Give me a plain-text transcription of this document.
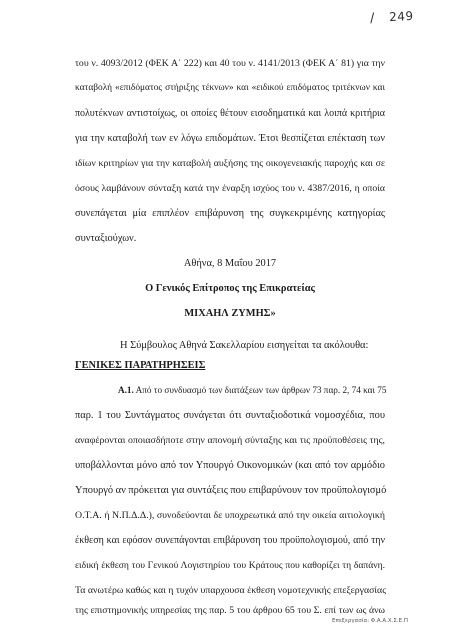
/ 249
του ν. 4093/2012 (ΦΕΚ Α΄ 222) και 40 του ν. 4141/2013 (ΦΕΚ Α΄ 81) για την
καταβολή «επιδόματος στήριξης τέκνων» και «ειδικού επιδόματος τριτέκνων και
πολυτέκνων αντιστοίχως, οι οποίες θέτουν εισοδηματικά και λοιπά κριτήρια
για την καταβολή των εν λόγω επιδομάτων. Έτσι θεσπίζεται επέκταση των
ιδίων κριτηρίων για την καταβολή αυξήσης της οικογενειακής παροχής και σε
όσους λαμβάνουν σύνταξη κατά την έναρξη ισχύος του ν. 4387/2016, η οποία
συνεπάγεται μία επιπλέον επιβάρυνση της συγκεκριμένης κατηγορίας
συνταξιούχων.
Αθήνα, 8 Μαΐου 2017
Ο Γενικός Επίτροπος της Επικρατείας
ΜΙΧΑΗΛ ΖΥΜΗΣ»
Η Σύμβουλος Αθηνά Σακελλαρίου εισηγείται τα ακόλουθα:
ΓΕΝΙΚΕΣ ΠΑΡΑΤΗΡΗΣΕΙΣ
Α.1. Από το συνδυασμό των διατάξεων των άρθρων 73 παρ. 2, 74 και 75
παρ. 1 του Συντάγματος συνάγεται ότι συνταξιοδοτικά νομοσχέδια, που
αναφέρονται οποιασδήποτε στην απονομή σύνταξης και τις προϋποθέσεις της,
υποβάλλονται μόνο από τον Υπουργό Οικονομικών (και από τον αρμόδιο
Υπουργό αν πρόκειται για συντάξεις που επιβαρύνουν τον προϋπολογισμό
Ο.Τ.Α. ή Ν.Π.Δ.Δ.), συνοδεύονται δε υποχρεωτικά από την οικεία αιτιολογική
έκθεση και εφόσον συνεπάγονται επιβάρυνση του προϋπολογισμού, από την
ειδική έκθεση του Γενικού Λογιστηρίου του Κράτους που καθορίζει τη δαπάνη.
Τα ανωτέρω καθώς και η τυχόν υπαρχουσα έκθεση νομοτεχνικής επεξεργασίας
της επιστημονικής υπηρεσίας της παρ. 5 του άρθρου 65 του Σ. επί των ως άνω
Επεξεργασία: Φ.Α.Α.Χ.Σ.Ε.Π
